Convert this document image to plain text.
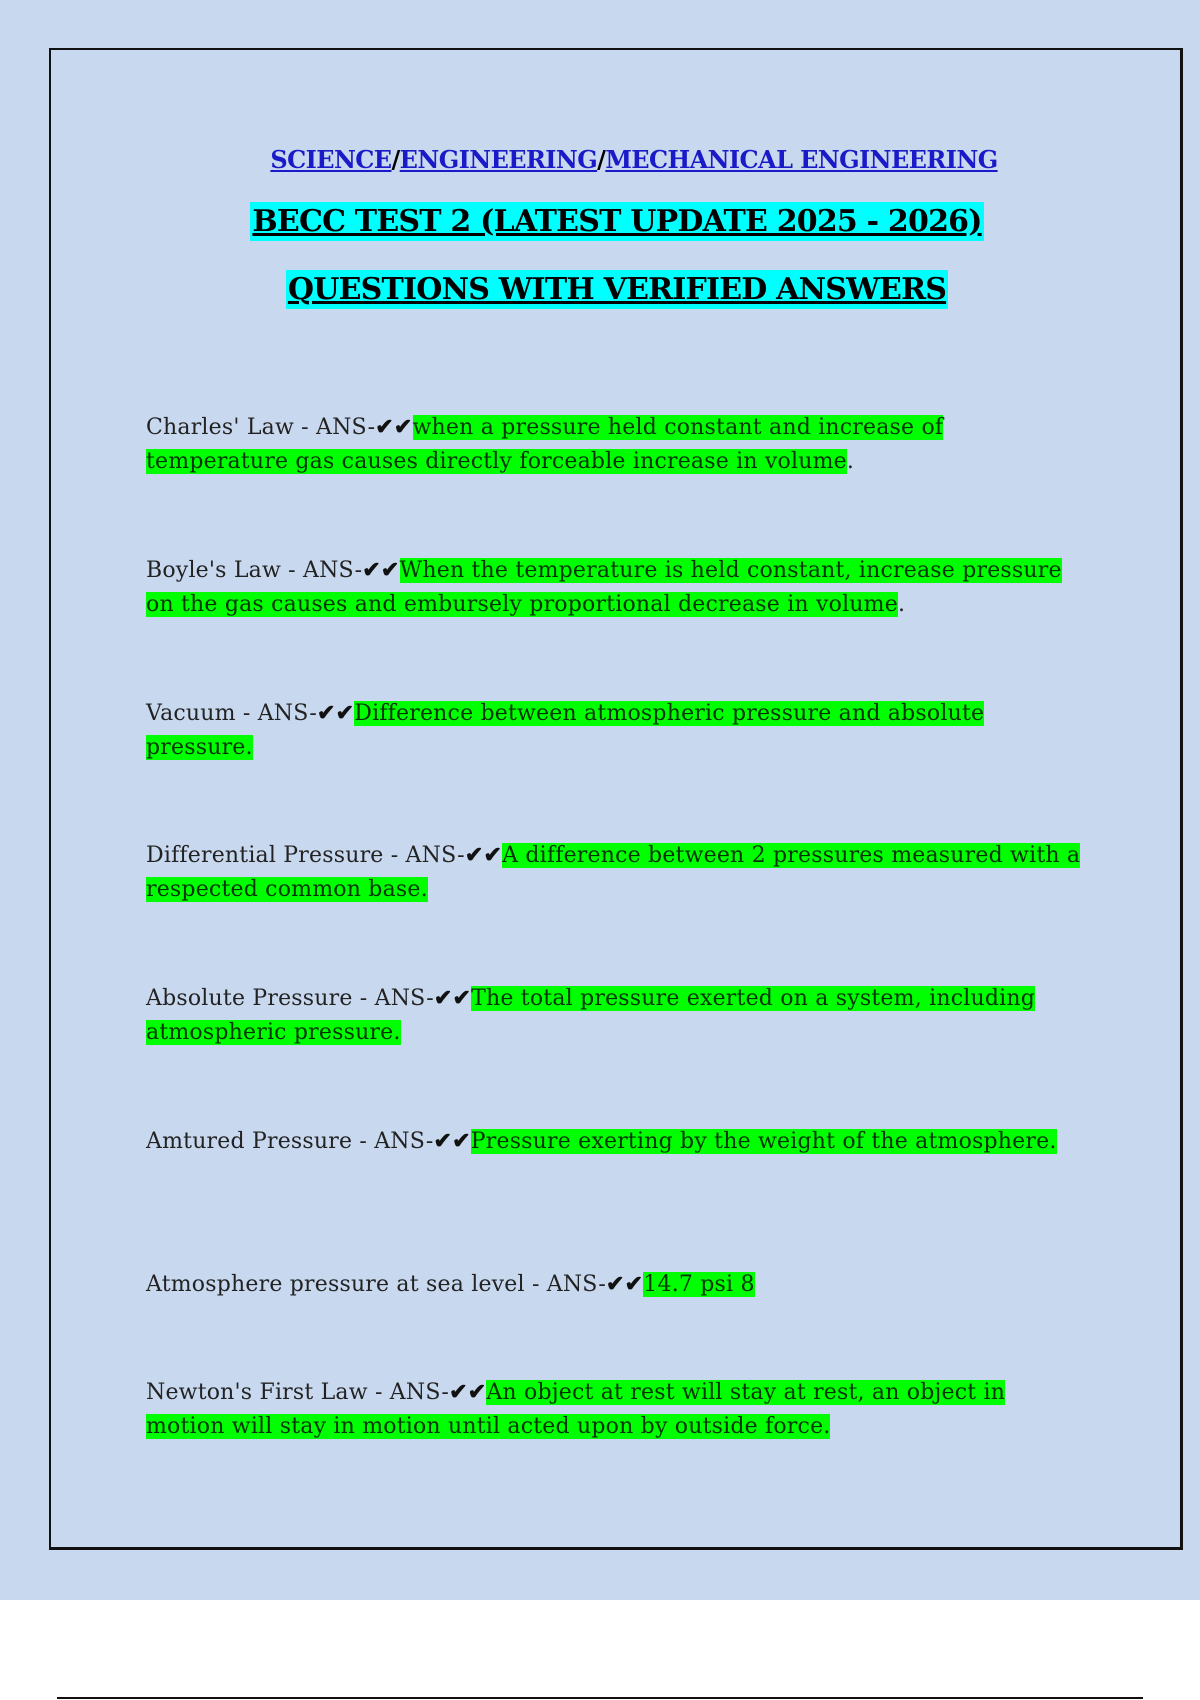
SCIENCE/ENGINEERING/MECHANICAL ENGINEERING
BECC TEST 2 (LATEST UPDATE 2025 - 2026)
QUESTIONS WITH VERIFIED ANSWERS
Charles' Law - ANS-✔✔when a pressure held constant and increase of temperature gas causes directly forceable increase in volume.
Boyle's Law - ANS-✔✔When the temperature is held constant, increase pressure on the gas causes and embursely proportional decrease in volume.
Vacuum - ANS-✔✔Difference between atmospheric pressure and absolute pressure.
Differential Pressure - ANS-✔✔A difference between 2 pressures measured with a respected common base.
Absolute Pressure - ANS-✔✔The total pressure exerted on a system, including atmospheric pressure.
Amtured Pressure - ANS-✔✔Pressure exerting by the weight of the atmosphere.
Atmosphere pressure at sea level - ANS-✔✔14.7 psi 8
Newton's First Law - ANS-✔✔An object at rest will stay at rest, an object in motion will stay in motion until acted upon by outside force.
